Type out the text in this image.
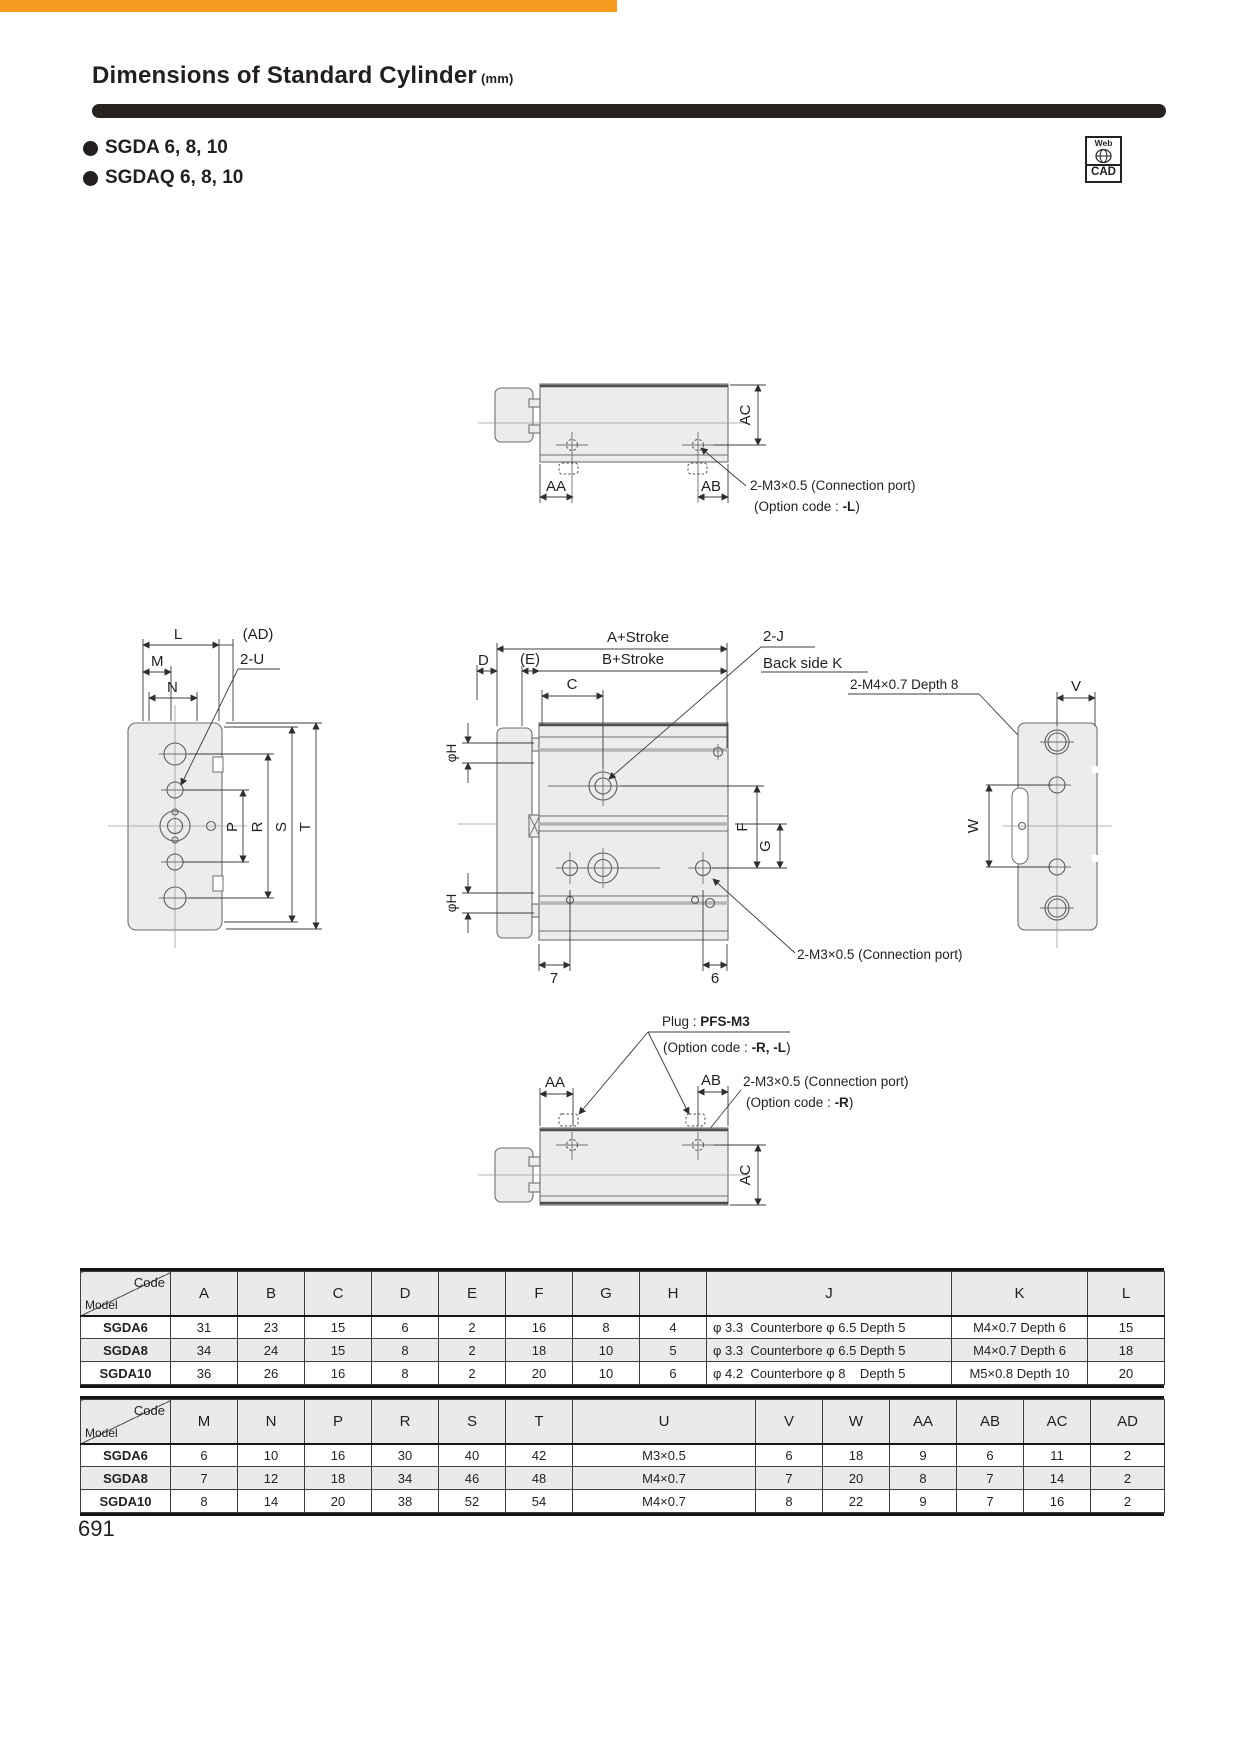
Dimensions of Standard Cylinder (mm)
SGDA 6, 8, 10
SGDAQ 6, 8, 10
Web
CAD
AA	AB
AC
2-M3×0.5 (Connection port)
(Option code : -L)
L	(AD)
M
N
2-U
P R S T
A+Stroke
D (E)	B+Stroke
C
2-J
Back side K
2-M4×0.7 Depth 8
φH
φH
F
G
7	6
2-M3×0.5 (Connection port)
V
W
Plug : PFS-M3
(Option code : -R, -L)
AA	AB 2-M3×0.5 (Connection port)
(Option code : -R)
AC
Code
Model	A	B	C	D	E	F	G	H	J	K	L
SGDA6	31	23	15	6	2	16	8	4	φ 3.3  Counterbore φ 6.5 Depth 5	M4×0.7 Depth 6	15
SGDA8	34	24	15	8	2	18	10	5	φ 3.3  Counterbore φ 6.5 Depth 5	M4×0.7 Depth 6	18
SGDA10	36	26	16	8	2	20	10	6	φ 4.2  Counterbore φ 8    Depth 5	M5×0.8 Depth 10	20
Code
Model	M	N	P	R	S	T	U	V	W	AA	AB	AC	AD
SGDA6	6	10	16	30	40	42	M3×0.5	6	18	9	6	11	2
SGDA8	7	12	18	34	46	48	M4×0.7	7	20	8	7	14	2
SGDA10	8	14	20	38	52	54	M4×0.7	8	22	9	7	16	2
691
